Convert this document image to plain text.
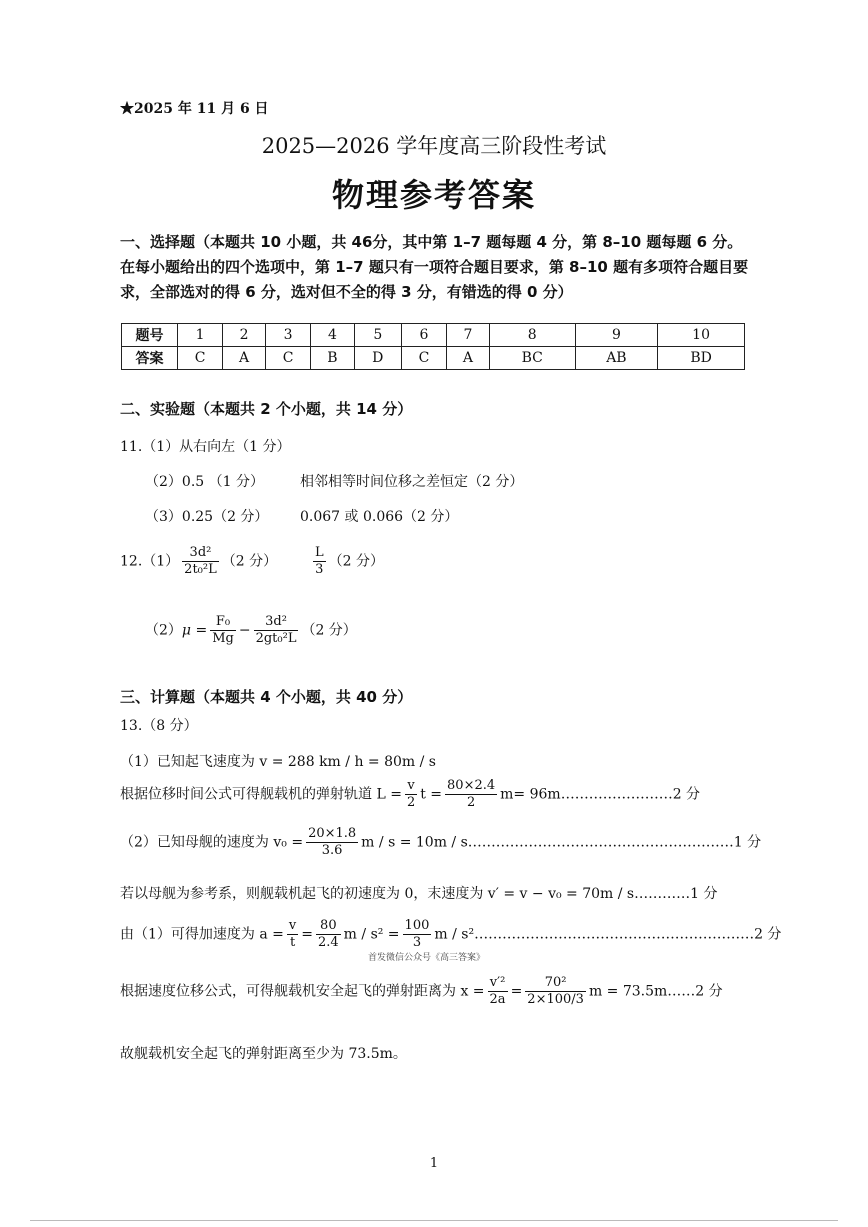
★2025 年 11 月 6 日
2025—2026 学年度高三阶段性考试
物理参考答案
一、选择题（本题共 10 小题，共 46分，其中第 1–7 题每题 4 分，第 8–10 题每题 6 分。在每小题给出的四个选项中，第 1–7 题只有一项符合题目要求，第 8–10 题有多项符合题目要求，全部选对的得 6 分，选对但不全的得 3 分，有错选的得 0 分）
题号	1	2	3	4	5	6	7	8	9	10
答案	C	A	C	B	D	C	A	BC	AB	BD
二、实验题（本题共 2 个小题，共 14 分）
11.（1）从右向左（1 分）
（2）0.5 （1 分）	相邻相等时间位移之差恒定（2 分）
（3）0.25（2 分） 0.067 或 0.066（2 分）
$12.(1) \frac{\text{3d²}}{\text{2t₀²L}} (2$ 分）	$\frac{L}{3} (2$ 分）
$(2)\mu = \frac{\text{F₀}}{Mg} - \frac{\text{3d²}}{\text{2gt₀²L}} (2$ 分）
三、计算题（本题共 4 个小题，共 40 分）
13.（8 分）
（1）已知起飞速度为 v = 288 km / h = 80m / s
根据位移时间公式可得舰载机的弹射轨道 $L = \frac{v}{2}$ $t = \frac{80\times 2.4}{2} m=$ 96m……………………2 分
（2）已知母舰的速度为 $v_0 = \frac{20\times 1.8}{3.6}$ m / s = 10m / s…………………………………………………1 分
若以母舰为参考系，则舰载机起飞的初速度为 0，末速度为 v′ = v − v₀ = 70m / s…………1 分
由（1）可得加速度为 $a = \frac{v}{t} = \frac{80}{2.4}$ $m / s^2 = \frac{100}{3}$ m / s²……………………………………………………2 分
首发微信公众号《高三答案》
根据速度位移公式，可得舰载机安全起飞的弹射距离为 $x = \frac{\text{v′²}}{2a} = \frac{\text{70²}}{2\times 100/3}$ m = 73.5m……2 分
故舰载机安全起飞的弹射距离至少为 73.5m。
1
